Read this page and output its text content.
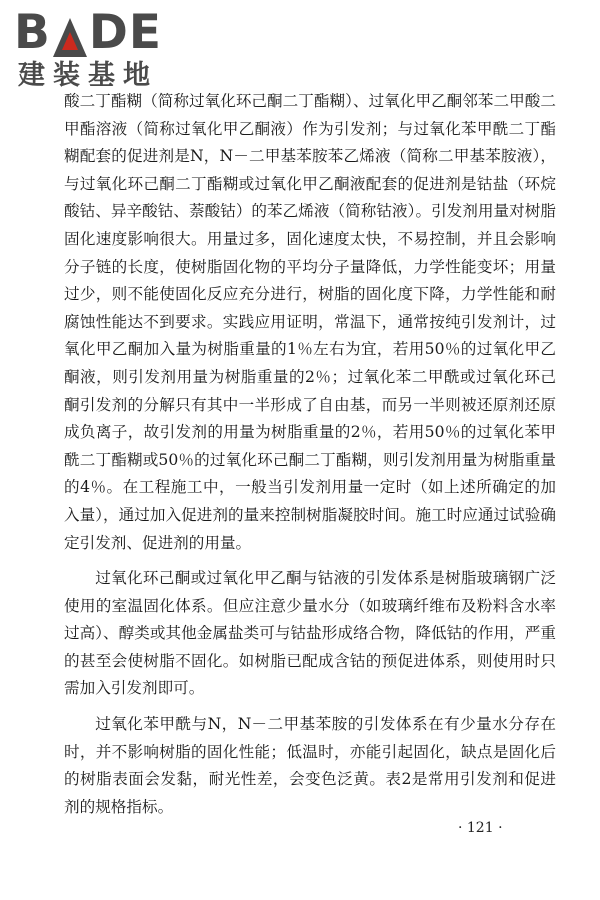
B DE
建装基地

酸二丁酯糊（简称过氧化环己酮二丁酯糊）、过氧化甲乙酮邻苯二甲酸二甲酯溶液（简称过氧化甲乙酮液）作为引发剂；与过氧化苯甲酰二丁酯糊配套的促进剂是N，N－二甲基苯胺苯乙烯液（简称二甲基苯胺液），与过氧化环己酮二丁酯糊或过氧化甲乙酮液配套的促进剂是钴盐（环烷酸钴、异辛酸钴、萘酸钴）的苯乙烯液（简称钴液）。引发剂用量对树脂固化速度影响很大。用量过多，固化速度太快，不易控制，并且会影响分子链的长度，使树脂固化物的平均分子量降低，力学性能变坏；用量过少，则不能使固化反应充分进行，树脂的固化度下降，力学性能和耐腐蚀性能达不到要求。实践应用证明，常温下，通常按纯引发剂计，过氧化甲乙酮加入量为树脂重量的1％左右为宜，若用50％的过氧化甲乙酮液，则引发剂用量为树脂重量的2％；过氧化苯二甲酰或过氧化环己酮引发剂的分解只有其中一半形成了自由基，而另一半则被还原剂还原成负离子，故引发剂的用量为树脂重量的2％，若用50％的过氧化苯甲酰二丁酯糊或50％的过氧化环己酮二丁酯糊，则引发剂用量为树脂重量的4％。在工程施工中，一般当引发剂用量一定时（如上述所确定的加入量），通过加入促进剂的量来控制树脂凝胶时间。施工时应通过试验确定引发剂、促进剂的用量。

过氧化环己酮或过氧化甲乙酮与钴液的引发体系是树脂玻璃钢广泛使用的室温固化体系。但应注意少量水分（如玻璃纤维布及粉料含水率过高）、醇类或其他金属盐类可与钴盐形成络合物，降低钴的作用，严重的甚至会使树脂不固化。如树脂已配成含钴的预促进体系，则使用时只需加入引发剂即可。

过氧化苯甲酰与N，N－二甲基苯胺的引发体系在有少量水分存在时，并不影响树脂的固化性能；低温时，亦能引起固化，缺点是固化后的树脂表面会发黏，耐光性差，会变色泛黄。表2是常用引发剂和促进剂的规格指标。

· 121 ·
